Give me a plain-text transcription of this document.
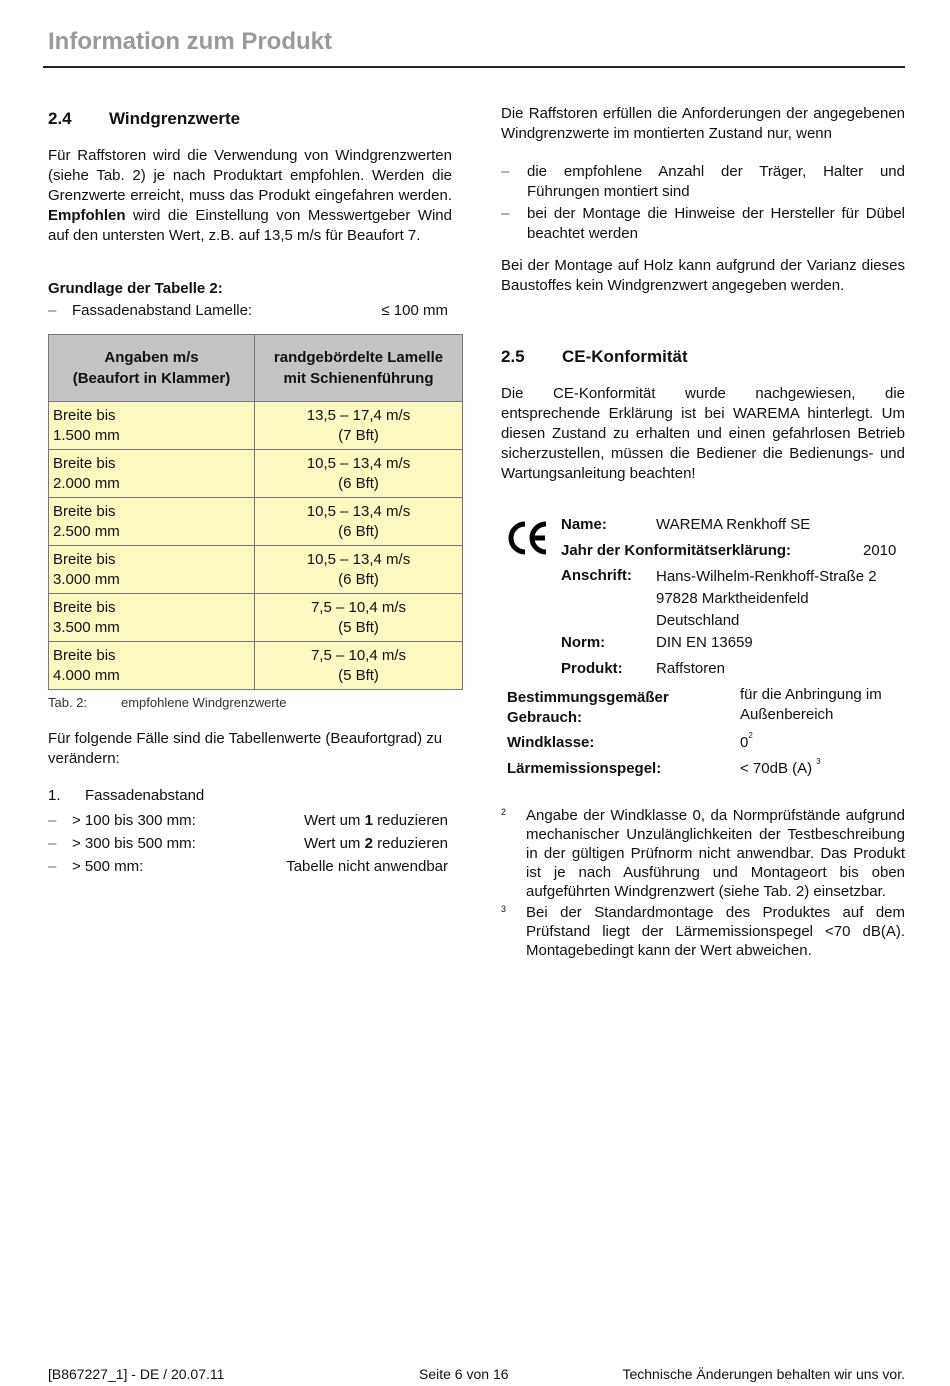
Information zum Produkt
2.4 Windgrenzwerte
Für Raffstoren wird die Verwendung von Windgrenzwerten (siehe Tab. 2) je nach Produktart empfohlen. Werden die Grenzwerte erreicht, muss das Produkt eingefahren werden. Empfohlen wird die Einstellung von Messwertgeber Wind auf den untersten Wert, z.B. auf 13,5 m/s für Beaufort 7.
Grundlage der Tabelle 2:
– Fassadenabstand Lamelle:	≤ 100 mm
Angaben m/s
(Beaufort in Klammer)	randgebördelte Lamelle
mit Schienenführung
Breite bis
1.500 mm	13,5 – 17,4 m/s
(7 Bft)
Breite bis
2.000 mm	10,5 – 13,4 m/s
(6 Bft)
Breite bis
2.500 mm	10,5 – 13,4 m/s
(6 Bft)
Breite bis
3.000 mm	10,5 – 13,4 m/s
(6 Bft)
Breite bis
3.500 mm	7,5 – 10,4 m/s
(5 Bft)
Breite bis
4.000 mm	7,5 – 10,4 m/s
(5 Bft)
Tab. 2:	empfohlene Windgrenzwerte
Für folgende Fälle sind die Tabellenwerte (Beaufortgrad) zu verändern:
1. Fassadenabstand
– > 100 bis 300 mm:	Wert um 1 reduzieren
– > 300 bis 500 mm:	Wert um 2 reduzieren
– > 500 mm:	Tabelle nicht anwendbar
Die Raffstoren erfüllen die Anforderungen der angegebenen Windgrenzwerte im montierten Zustand nur, wenn
– die empfohlene Anzahl der Träger, Halter und Führungen montiert sind
– bei der Montage die Hinweise der Hersteller für Dübel beachtet werden
Bei der Montage auf Holz kann aufgrund der Varianz dieses Baustoffes kein Windgrenzwert angegeben werden.
2.5 CE-Konformität
Die CE-Konformität wurde nachgewiesen, die entsprechende Erklärung ist bei WAREMA hinterlegt. Um diesen Zustand zu erhalten und einen gefahrlosen Betrieb sicherzustellen, müssen die Bediener die Bedienungs- und Wartungsanleitung beachten!
Name:	WAREMA Renkhoff SE
Jahr der Konformitätserklärung:	2010
Anschrift: Hans-Wilhelm-Renkhoff-Straße 2
97828 Marktheidenfeld
Deutschland
Norm:	DIN EN 13659
Produkt: Raffstoren
Bestimmungsgemäßer
Gebrauch:
für die Anbringung im
Außenbereich
Windklasse:	$0^2$
Lärmemissionspegel:	< 70dB (A) $^3$
2 Angabe der Windklasse 0, da Normprüfstände aufgrund mechanischer Unzulänglichkeiten der Testbeschreibung in der gültigen Prüfnorm nicht anwendbar. Das Produkt ist je nach Ausführung und Montageort bis oben aufgeführten Windgrenzwert (siehe Tab. 2) einsetzbar.
3 Bei der Standardmontage des Produktes auf dem Prüfstand liegt der Lärmemissionspegel <70 dB(A). Montagebedingt kann der Wert abweichen.
[B867227_1] - DE / 20.07.11	Seite 6 von 16	Technische Änderungen behalten wir uns vor.
